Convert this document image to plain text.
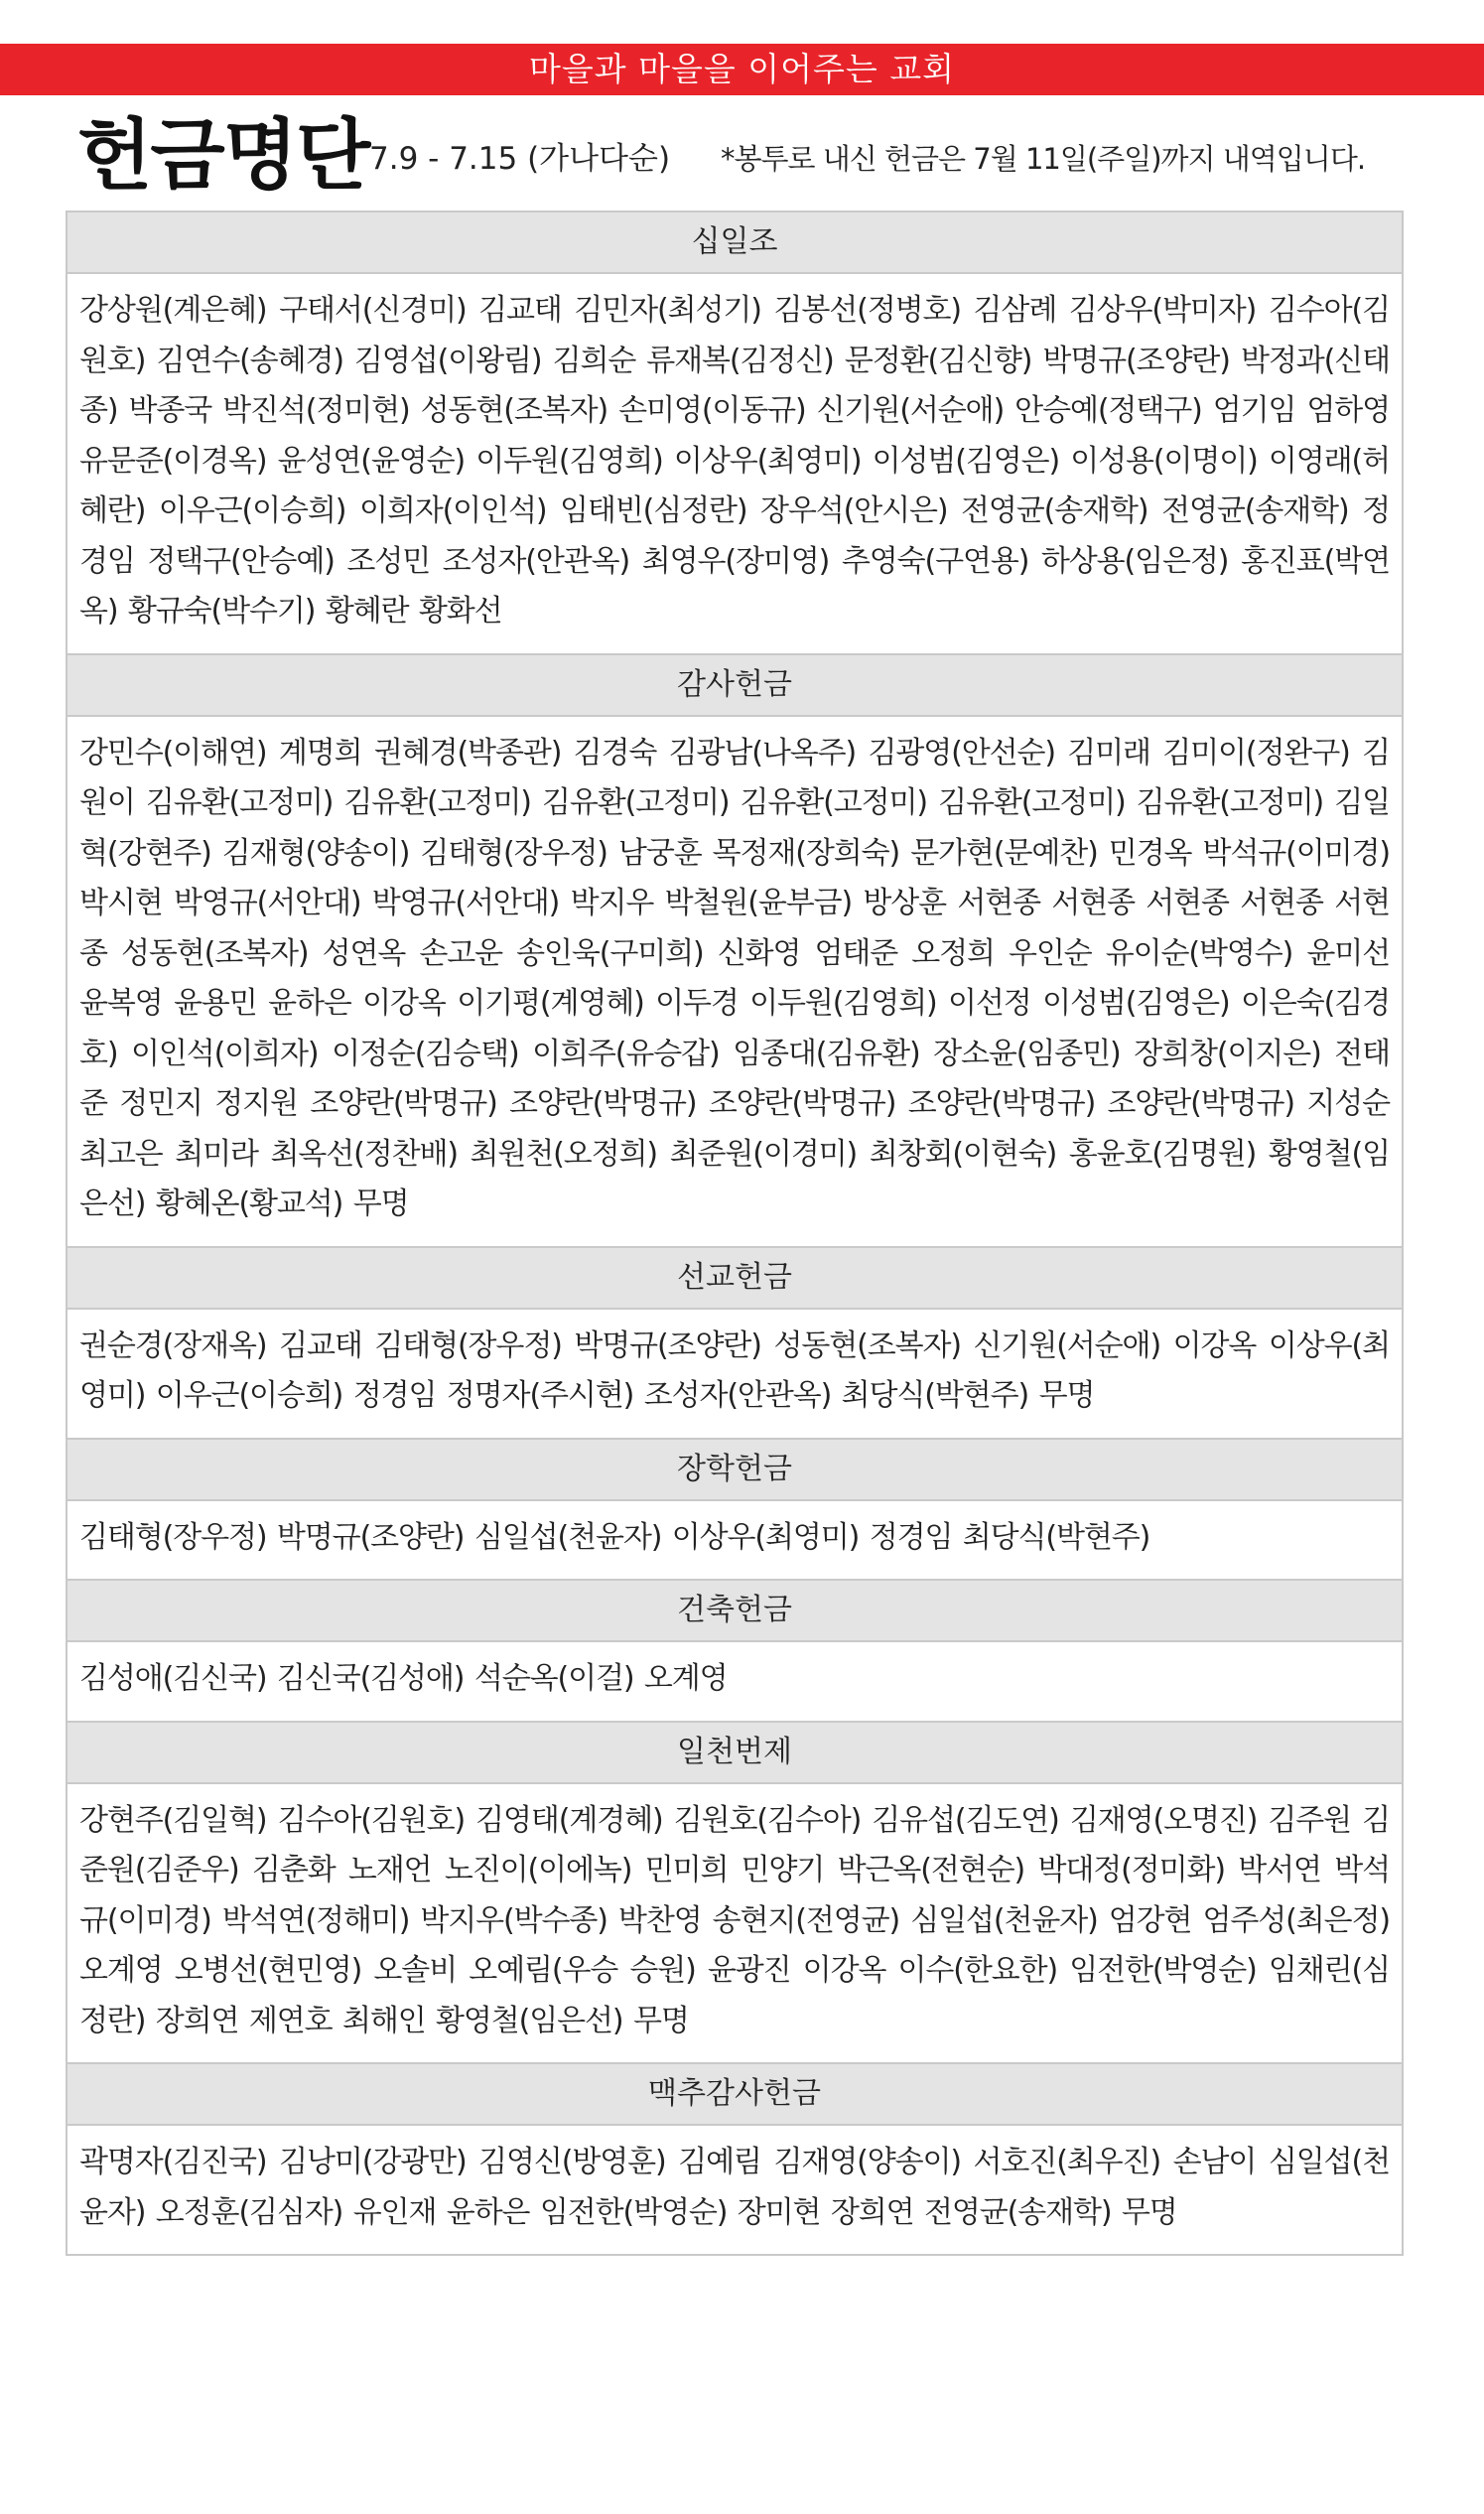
마을과 마을을 이어주는 교회
헌금명단 7.9 - 7.15 (가나다순) *봉투로 내신 헌금은 7월 11일(주일)까지 내역입니다.
십일조
강상원(계은혜) 구태서(신경미) 김교태 김민자(최성기) 김봉선(정병호) 김삼례 김상우(박미자) 김수아(김원호) 김연수(송혜경) 김영섭(이왕림) 김희순 류재복(김정신) 문정환(김신향) 박명규(조양란) 박정과(신태종) 박종국 박진석(정미현) 성동현(조복자) 손미영(이동규) 신기원(서순애) 안승예(정택구) 엄기임 엄하영 유문준(이경옥) 윤성연(윤영순) 이두원(김영희) 이상우(최영미) 이성범(김영은) 이성용(이명이) 이영래(허혜란) 이우근(이승희) 이희자(이인석) 임태빈(심정란) 장우석(안시은) 전영균(송재학) 전영균(송재학) 정경임 정택구(안승예) 조성민 조성자(안관옥) 최영우(장미영) 추영숙(구연용) 하상용(임은정) 홍진표(박연옥) 황규숙(박수기) 황혜란 황화선
감사헌금
강민수(이해연) 계명희 권혜경(박종관) 김경숙 김광남(나옥주) 김광영(안선순) 김미래 김미이(정완구) 김원이 김유환(고정미) 김유환(고정미) 김유환(고정미) 김유환(고정미) 김유환(고정미) 김유환(고정미) 김일혁(강현주) 김재형(양송이) 김태형(장우정) 남궁훈 목정재(장희숙) 문가현(문예찬) 민경옥 박석규(이미경) 박시현 박영규(서안대) 박영규(서안대) 박지우 박철원(윤부금) 방상훈 서현종 서현종 서현종 서현종 서현종 성동현(조복자) 성연옥 손고운 송인욱(구미희) 신화영 엄태준 오정희 우인순 유이순(박영수) 윤미선 윤복영 윤용민 윤하은 이강옥 이기평(계영혜) 이두경 이두원(김영희) 이선정 이성범(김영은) 이은숙(김경호) 이인석(이희자) 이정순(김승택) 이희주(유승갑) 임종대(김유환) 장소윤(임종민) 장희창(이지은) 전태준 정민지 정지원 조양란(박명규) 조양란(박명규) 조양란(박명규) 조양란(박명규) 조양란(박명규) 지성순 최고은 최미라 최옥선(정찬배) 최원천(오정희) 최준원(이경미) 최창회(이현숙) 홍윤호(김명원) 황영철(임은선) 황혜온(황교석) 무명
선교헌금
권순경(장재옥) 김교태 김태형(장우정) 박명규(조양란) 성동현(조복자) 신기원(서순애) 이강옥 이상우(최영미) 이우근(이승희) 정경임 정명자(주시현) 조성자(안관옥) 최당식(박현주) 무명
장학헌금
김태형(장우정) 박명규(조양란) 심일섭(천윤자) 이상우(최영미) 정경임 최당식(박현주)
건축헌금
김성애(김신국) 김신국(김성애) 석순옥(이걸) 오계영
일천번제
강현주(김일혁) 김수아(김원호) 김영태(계경혜) 김원호(김수아) 김유섭(김도연) 김재영(오명진) 김주원 김준원(김준우) 김춘화 노재언 노진이(이에녹) 민미희 민양기 박근옥(전현순) 박대정(정미화) 박서연 박석규(이미경) 박석연(정해미) 박지우(박수종) 박찬영 송현지(전영균) 심일섭(천윤자) 엄강현 엄주성(최은정) 오계영 오병선(현민영) 오솔비 오예림(우승 승원) 윤광진 이강옥 이수(한요한) 임전한(박영순) 임채린(심정란) 장희연 제연호 최해인 황영철(임은선) 무명
맥추감사헌금
곽명자(김진국) 김낭미(강광만) 김영신(방영훈) 김예림 김재영(양송이) 서호진(최우진) 손남이 심일섭(천윤자) 오정훈(김심자) 유인재 윤하은 임전한(박영순) 장미현 장희연 전영균(송재학) 무명
